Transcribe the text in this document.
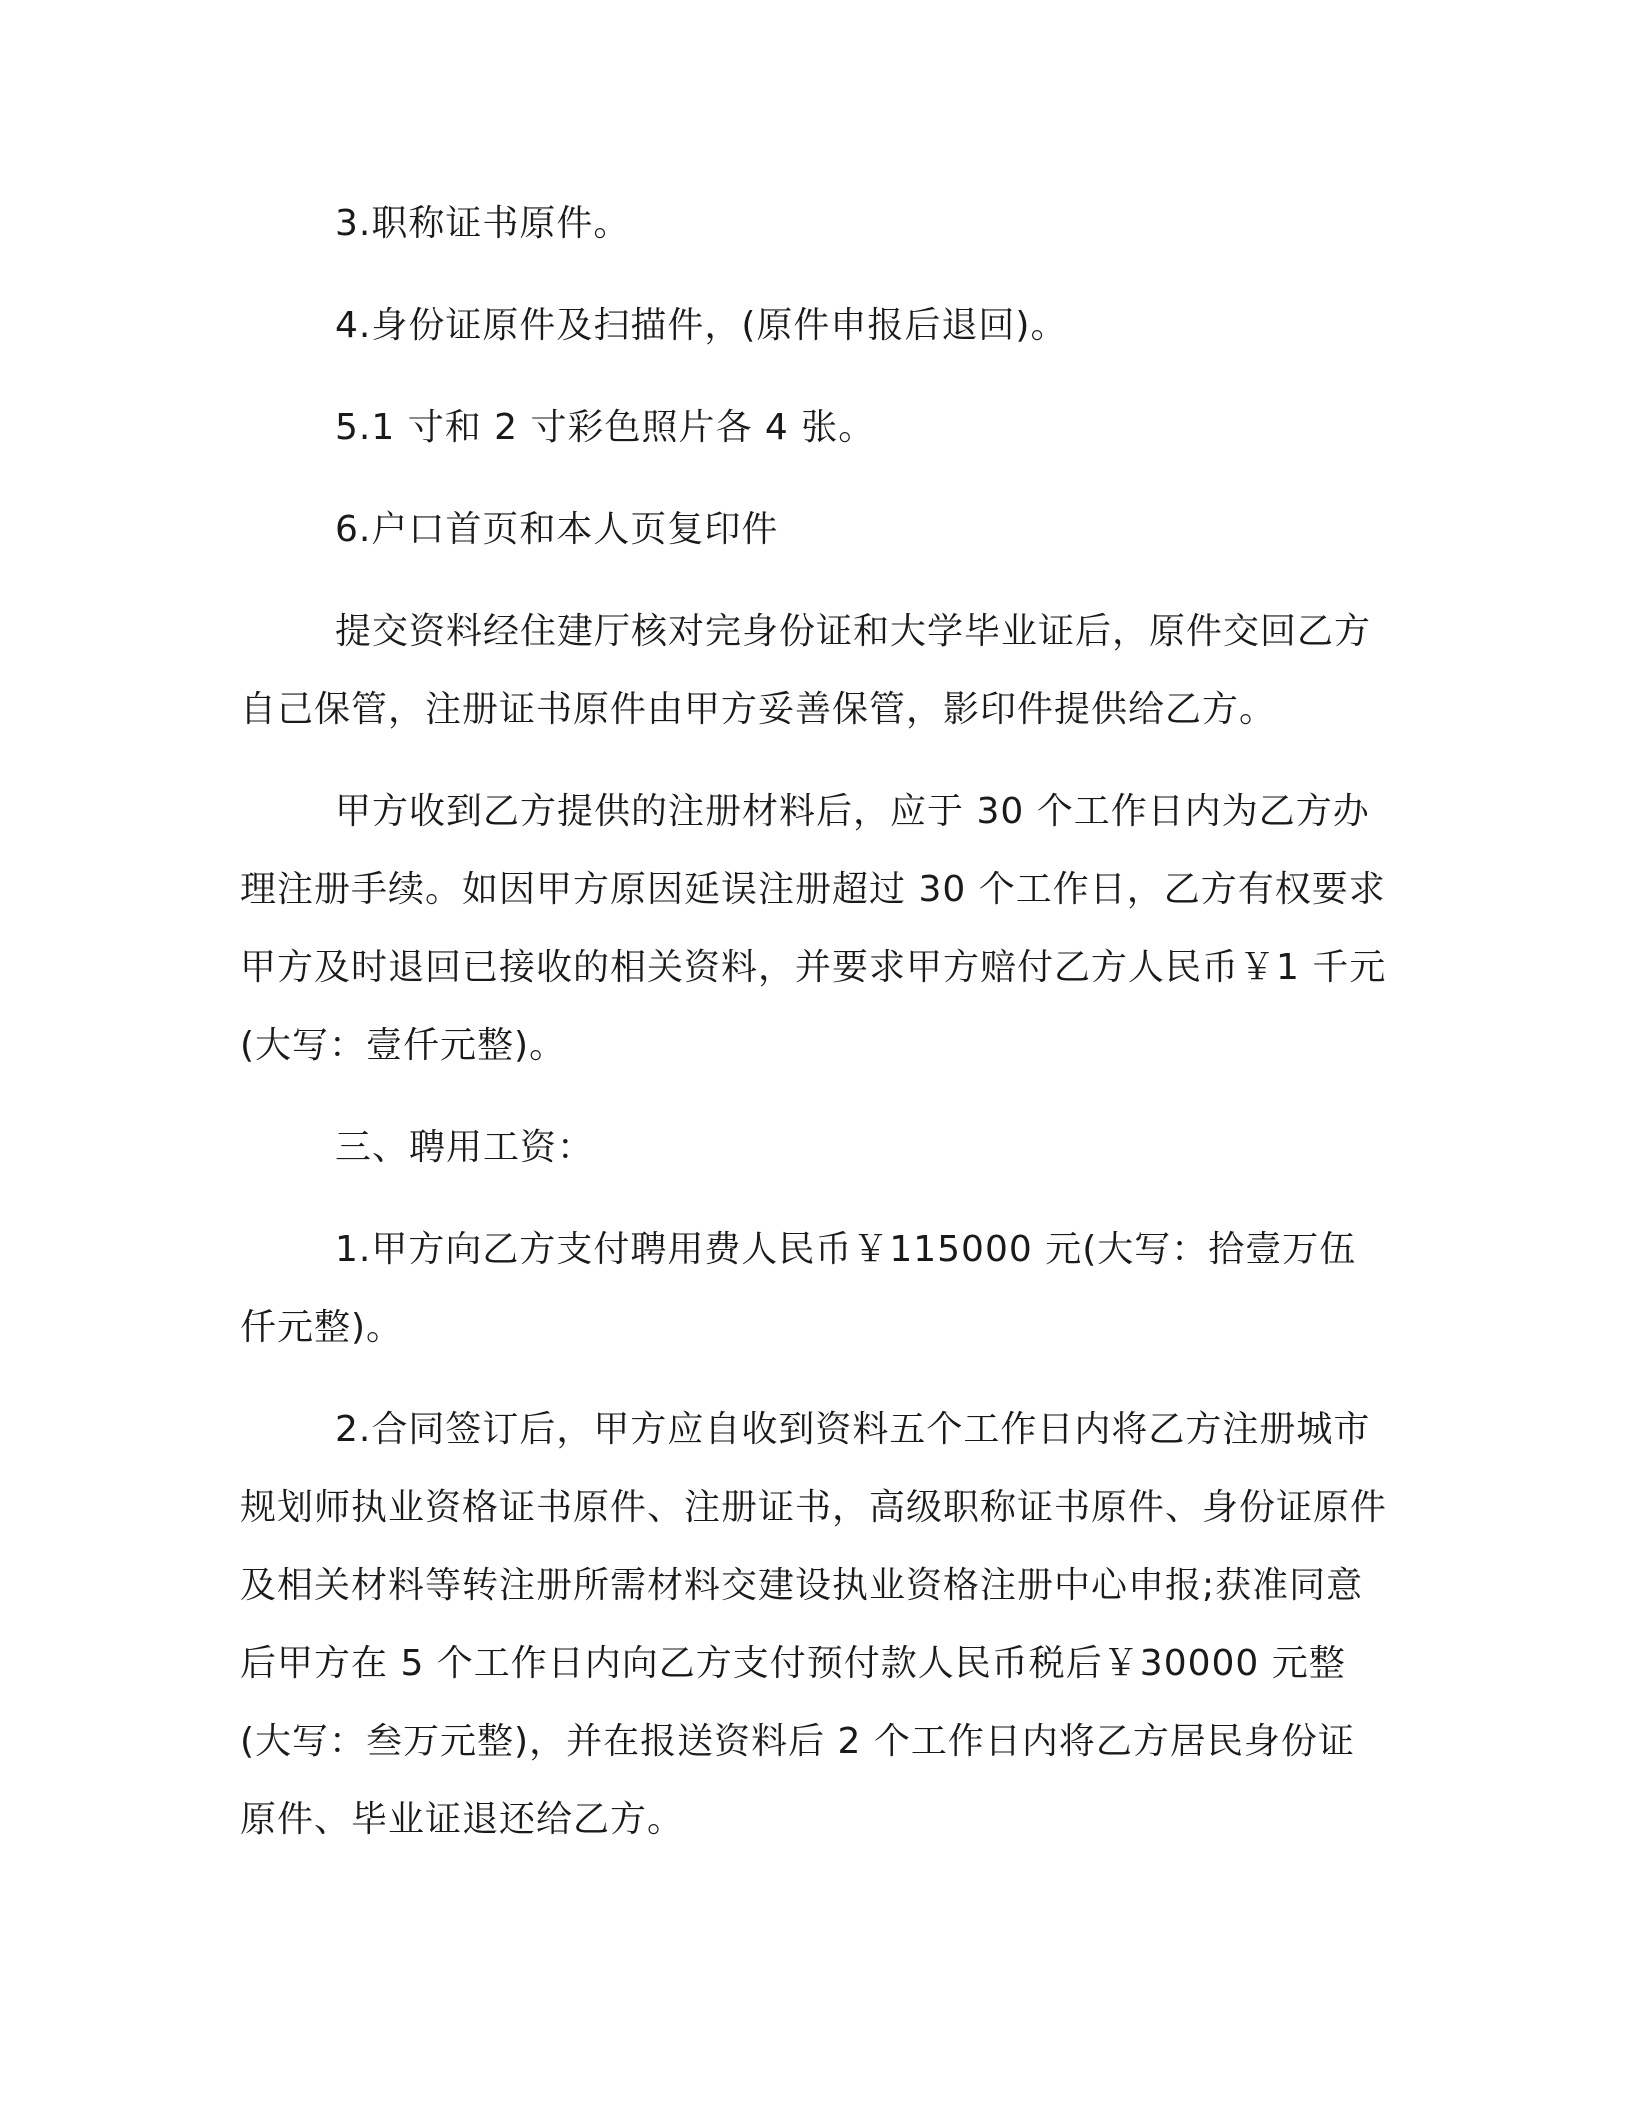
3.职称证书原件。

4.身份证原件及扫描件，(原件申报后退回)。

5.1 寸和 2 寸彩色照片各 4 张。

6.户口首页和本人页复印件

提交资料经住建厅核对完身份证和大学毕业证后，原件交回乙方自己保管，注册证书原件由甲方妥善保管，影印件提供给乙方。

甲方收到乙方提供的注册材料后，应于 30 个工作日内为乙方办理注册手续。如因甲方原因延误注册超过 30 个工作日，乙方有权要求甲方及时退回已接收的相关资料，并要求甲方赔付乙方人民币￥1 千元(大写：壹仟元整)。

三、聘用工资：

1.甲方向乙方支付聘用费人民币￥115000 元(大写：拾壹万伍仟元整)。

2.合同签订后，甲方应自收到资料五个工作日内将乙方注册城市规划师执业资格证书原件、注册证书，高级职称证书原件、身份证原件及相关材料等转注册所需材料交建设执业资格注册中心申报;获准同意后甲方在 5 个工作日内向乙方支付预付款人民币税后￥30000 元整(大写：叁万元整)，并在报送资料后 2 个工作日内将乙方居民身份证原件、毕业证退还给乙方。
